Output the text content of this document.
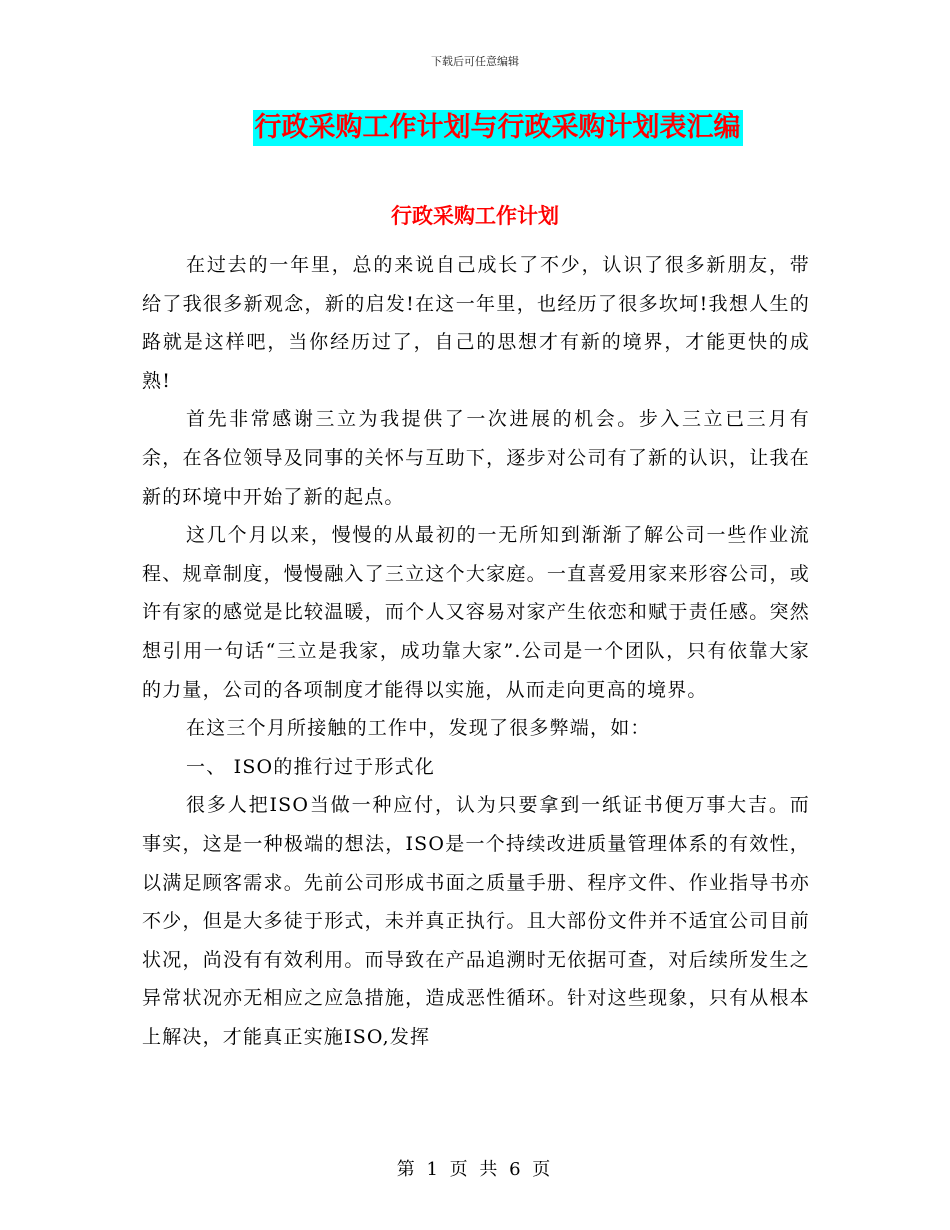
下载后可任意编辑
行政采购工作计划与行政采购计划表汇编
行政采购工作计划

在过去的一年里，总的来说自己成长了不少，认识了很多新朋友，带给了我很多新观念，新的启发!在这一年里，也经历了很多坎坷!我想人生的路就是这样吧，当你经历过了，自己的思想才有新的境界，才能更快的成熟!

首先非常感谢三立为我提供了一次进展的机会。步入三立已三月有余，在各位领导及同事的关怀与互助下，逐步对公司有了新的认识，让我在新的环境中开始了新的起点。

这几个月以来，慢慢的从最初的一无所知到渐渐了解公司一些作业流程、规章制度，慢慢融入了三立这个大家庭。一直喜爱用家来形容公司，或许有家的感觉是比较温暖，而个人又容易对家产生依恋和赋于责任感。突然想引用一句话“三立是我家，成功靠大家”.公司是一个团队，只有依靠大家的力量，公司的各项制度才能得以实施，从而走向更高的境界。

在这三个月所接触的工作中，发现了很多弊端，如：

一、 ISO的推行过于形式化

很多人把ISO当做一种应付，认为只要拿到一纸证书便万事大吉。而事实，这是一种极端的想法，ISO是一个持续改进质量管理体系的有效性，以满足顾客需求。先前公司形成书面之质量手册、程序文件、作业指导书亦不少，但是大多徒于形式，未并真正执行。且大部份文件并不适宜公司目前状况，尚没有有效利用。而导致在产品追溯时无依据可查，对后续所发生之异常状况亦无相应之应急措施，造成恶性循环。针对这些现象，只有从根本上解决，才能真正实施ISO,发挥

第 1 页 共 6 页
